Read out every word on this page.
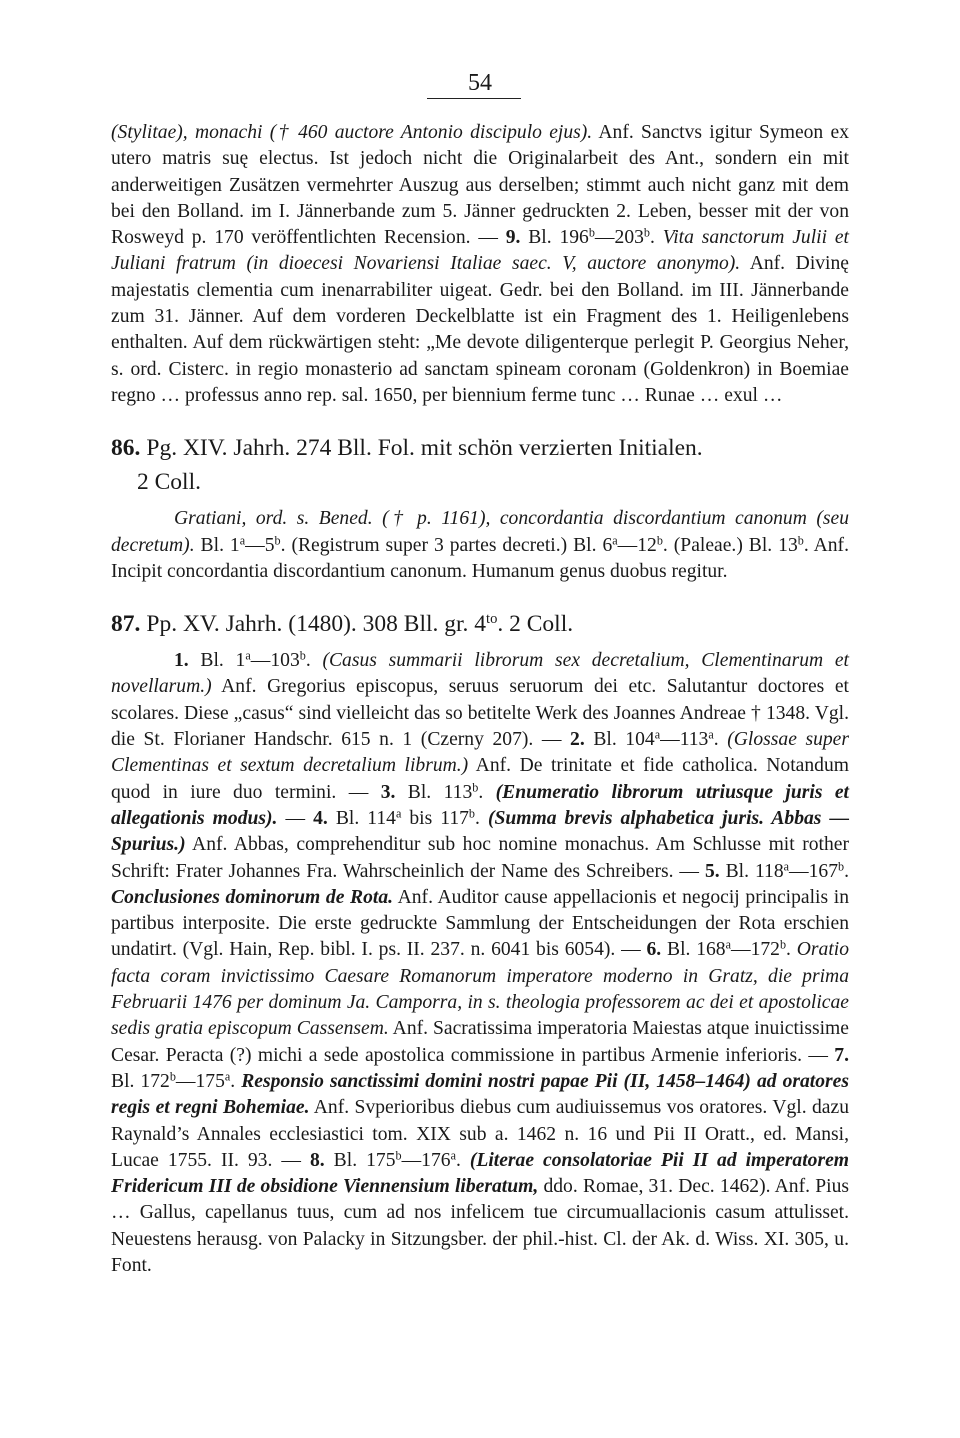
54

(Stylitae), monachi († 460 auctore Antonio discipulo ejus). Anf. Sanctvs igitur Symeon ex utero matris suę electus. Ist jedoch nicht die Originalarbeit des Ant., sondern ein mit anderweitigen Zusätzen vermehrter Auszug aus derselben; stimmt auch nicht ganz mit dem bei den Bolland. im I. Jännerbande zum 5. Jänner gedruckten 2. Leben, besser mit der von Rosweyd p. 170 veröffentlichten Recension. — 9. Bl. 196$^b$—203$^b$. Vita sanctorum Julii et Juliani fratrum (in dioecesi Novariensi Italiae saec. V, auctore anonymo). Anf. Divinę majestatis clementia cum inenarrabiliter uigeat. Gedr. bei den Bolland. im III. Jännerbande zum 31. Jänner. Auf dem vorderen Deckelblatte ist ein Fragment des 1. Heiligenlebens enthalten. Auf dem rückwärtigen steht: „Me devote diligenterque perlegit P. Georgius Neher, s. ord. Cisterc. in regio monasterio ad sanctam spineam coronam (Goldenkron) in Boemiae regno … professus anno rep. sal. 1650, per biennium ferme tunc … Runae … exul …

86. Pg. XIV. Jahrh. 274 Bll. Fol. mit schön verzierten Initialen.
2 Coll.

Gratiani, ord. s. Bened. († p. 1161), concordantia discordantium canonum (seu decretum). Bl. 1$^a$—5$^b$. (Registrum super 3 partes decreti.) Bl. 6$^a$—12$^b$. (Paleae.) Bl. 13$^b$. Anf. Incipit concordantia discordantium canonum. Humanum genus duobus regitur.

87. Pp. XV. Jahrh. (1480). 308 Bll. gr. $4^{to}$. 2 Coll.

1. Bl. 1$^a$—103$^b$. (Casus summarii librorum sex decretalium, Clementinarum et novellarum.) Anf. Gregorius episcopus, seruus seruorum dei etc. Salutantur doctores et scolares. Diese „casus“ sind vielleicht das so betitelte Werk des Joannes Andreae † 1348. Vgl. die St. Florianer Handschr. 615 n. 1 (Czerny 207). — 2. Bl. 104$^a$—113$^a$. (Glossae super Clementinas et sextum decretalium librum.) Anf. De trinitate et fide catholica. Notandum quod in iure duo termini. — 3. Bl. 113$^b$. (Enumeratio librorum utriusque juris et allegationis modus). — 4. Bl. 114$^a$ bis 117$^b$. (Summa brevis alphabetica juris. Abbas — Spurius.) Anf. Abbas, comprehenditur sub hoc nomine monachus. Am Schlusse mit rother Schrift: Frater Johannes Fra. Wahrscheinlich der Name des Schreibers. — 5. Bl. 118$^a$—167$^b$. Conclusiones dominorum de Rota. Anf. Auditor cause appellacionis et negocij principalis in partibus interposite. Die erste gedruckte Sammlung der Entscheidungen der Rota erschien undatirt. (Vgl. Hain, Rep. bibl. I. ps. II. 237. n. 6041 bis 6054). — 6. Bl. 168$^a$—172$^b$. Oratio facta coram invictissimo Caesare Romanorum imperatore moderno in Gratz, die prima Februarii 1476 per dominum Ja. Camporra, in s. theologia professorem ac dei et apostolicae sedis gratia episcopum Cassensem. Anf. Sacratissima imperatoria Maiestas atque inuictissime Cesar. Peracta (?) michi a sede apostolica commissione in partibus Armenie inferioris. — 7. Bl. 172$^b$—175$^a$. Responsio sanctissimi domini nostri papae Pii (II, 1458–1464) ad oratores regis et regni Bohemiae. Anf. Svperioribus diebus cum audiuissemus vos oratores. Vgl. dazu Raynald’s Annales ecclesiastici tom. XIX sub a. 1462 n. 16 und Pii II Oratt., ed. Mansi, Lucae 1755. II. 93. — 8. Bl. 175$^b$—176$^a$. (Literae consolatoriae Pii II ad imperatorem Fridericum III de obsidione Viennensium liberatum, ddo. Romae, 31. Dec. 1462). Anf. Pius … Gallus, capellanus tuus, cum ad nos infelicem tue circumuallacionis casum attulisset. Neuestens herausg. von Palacky in Sitzungsber. der phil.-hist. Cl. der Ak. d. Wiss. XI. 305, u. Font.
